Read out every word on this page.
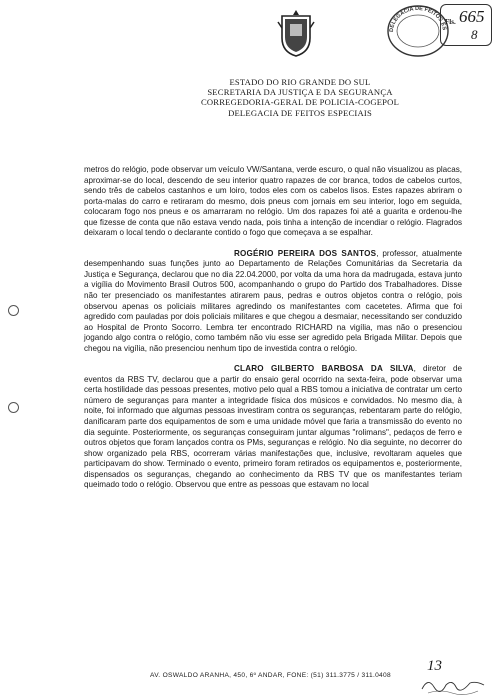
DELEGACIA DE FEITOS ES
Fls. 665
8
ESTADO DO RIO GRANDE DO SUL
SECRETARIA DA JUSTIÇA E DA SEGURANÇA
CORREGEDORIA-GERAL DE POLICIA-COGEPOL
DELEGACIA DE FEITOS ESPECIAIS

metros do relógio, pode observar um veículo VW/Santana, verde escuro, o qual não visualizou as placas, aproximar-se do local, descendo de seu interior quatro rapazes de cor branca, todos de cabelos curtos, sendo três de cabelos castanhos e um loiro, todos eles com os cabelos lisos. Estes rapazes abriram o porta-malas do carro e retiraram do mesmo, dois pneus com jornais em seu interior, logo em seguida, colocaram fogo nos pneus e os amarraram no relógio. Um dos rapazes foi até a guarita e ordenou-lhe que fizesse de conta que não estava vendo nada, pois tinha a intenção de incendiar o relógio. Flagrados deixaram o local tendo o declarante contido o fogo que começava a se espalhar.

ROGÉRIO PEREIRA DOS SANTOS, professor, atualmente desempenhando suas funções junto ao Departamento de Relações Comunitárias da Secretaria da Justiça e Segurança, declarou que no dia 22.04.2000, por volta da uma hora da madrugada, estava junto a vigília do Movimento Brasil Outros 500, acompanhando o grupo do Partido dos Trabalhadores. Disse não ter presenciado os manifestantes atirarem paus, pedras e outros objetos contra o relógio, pois observou apenas os policiais militares agredindo os manifestantes com cacetetes. Afirma que foi agredido com pauladas por dois policiais militares e que chegou a desmaiar, necessitando ser conduzido ao Hospital de Pronto Socorro. Lembra ter encontrado RICHARD na vigília, mas não o presenciou jogando algo contra o relógio, como também não viu esse ser agredido pela Brigada Militar. Depois que chegou na vigília, não presenciou nenhum tipo de investida contra o relógio.

CLARO GILBERTO BARBOSA DA SILVA, diretor de eventos da RBS TV, declarou que a partir do ensaio geral ocorrido na sexta-feira, pode observar uma certa hostilidade das pessoas presentes, motivo pelo qual a RBS tomou a iniciativa de contratar um certo número de seguranças para manter a integridade física dos músicos e convidados. No mesmo dia, à noite, foi informado que algumas pessoas investiram contra os seguranças, rebentaram parte do relógio, danificaram parte dos equipamentos de som e uma unidade móvel que faria a transmissão do evento no dia seguinte. Posteriormente, os seguranças conseguiram juntar algumas "rolimans", pedaços de ferro e outros objetos que foram lançados contra os PMs, seguranças e relógio. No dia seguinte, no decorrer do show organizado pela RBS, ocorreram várias manifestações que, inclusive, revoltaram aqueles que participavam do show. Terminado o evento, primeiro foram retirados os equipamentos e, posteriormente, dispensados os seguranças, chegando ao conhecimento da RBS TV que os manifestantes teriam queimado todo o relógio. Observou que entre as pessoas que estavam no local

AV. OSWALDO ARANHA, 450, 6º ANDAR, FONE: (51) 311.3775 / 311.0408
13
